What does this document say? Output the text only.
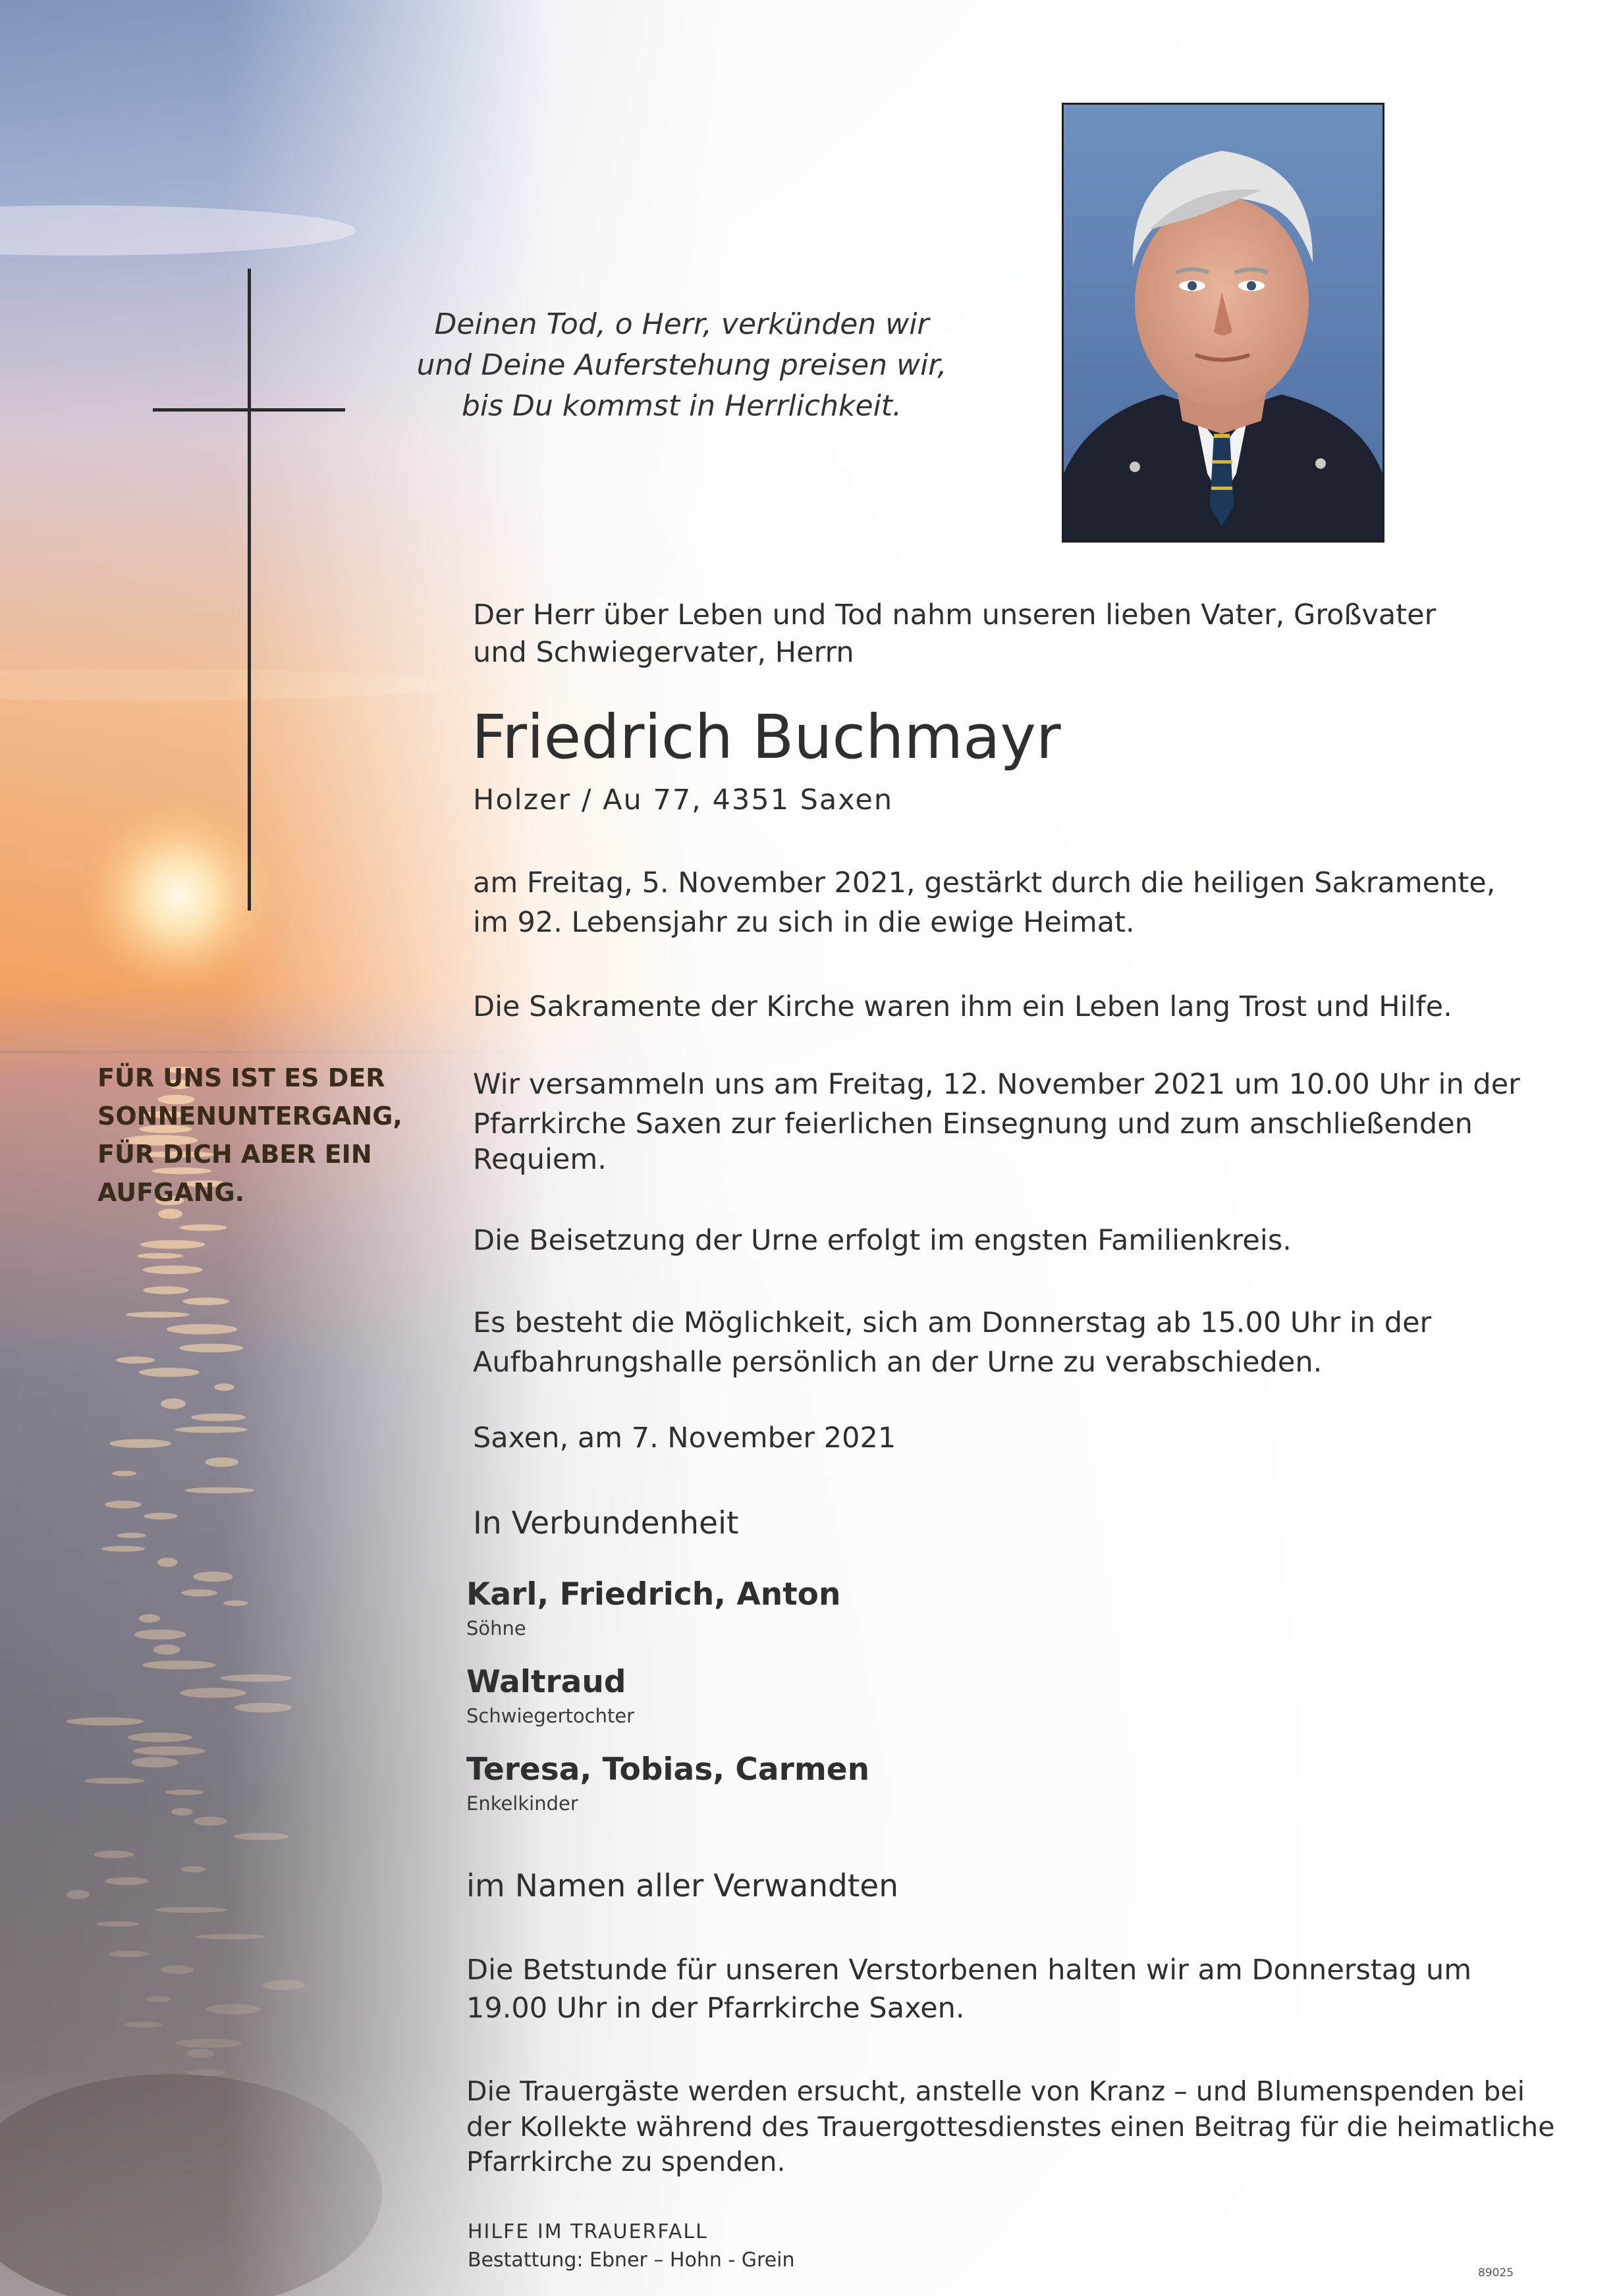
Deinen Tod, o Herr, verkünden wir
und Deine Auferstehung preisen wir,
bis Du kommst in Herrlichkeit.
FÜR UNS IST ES DER
SONNENUNTERGANG,
FÜR DICH ABER EIN
AUFGANG.
Der Herr über Leben und Tod nahm unseren lieben Vater, Großvater
und Schwiegervater, Herrn
Friedrich Buchmayr
Holzer / Au 77, 4351 Saxen
am Freitag, 5. November 2021, gestärkt durch die heiligen Sakramente,
im 92. Lebensjahr zu sich in die ewige Heimat.
Die Sakramente der Kirche waren ihm ein Leben lang Trost und Hilfe.
Wir versammeln uns am Freitag, 12. November 2021 um 10.00 Uhr in der
Pfarrkirche Saxen zur feierlichen Einsegnung und zum anschließenden
Requiem.
Die Beisetzung der Urne erfolgt im engsten Familienkreis.
Es besteht die Möglichkeit, sich am Donnerstag ab 15.00 Uhr in der
Aufbahrungshalle persönlich an der Urne zu verabschieden.
Saxen, am 7. November 2021
In Verbundenheit
Karl, Friedrich, Anton
Söhne
Waltraud
Schwiegertochter
Teresa, Tobias, Carmen
Enkelkinder
im Namen aller Verwandten
Die Betstunde für unseren Verstorbenen halten wir am Donnerstag um
19.00 Uhr in der Pfarrkirche Saxen.
Die Trauergäste werden ersucht, anstelle von Kranz – und Blumenspenden bei
der Kollekte während des Trauergottesdienstes einen Beitrag für die heimatliche
Pfarrkirche zu spenden.
HILFE IM TRAUERFALL
Bestattung: Ebner – Hohn - Grein
89025
